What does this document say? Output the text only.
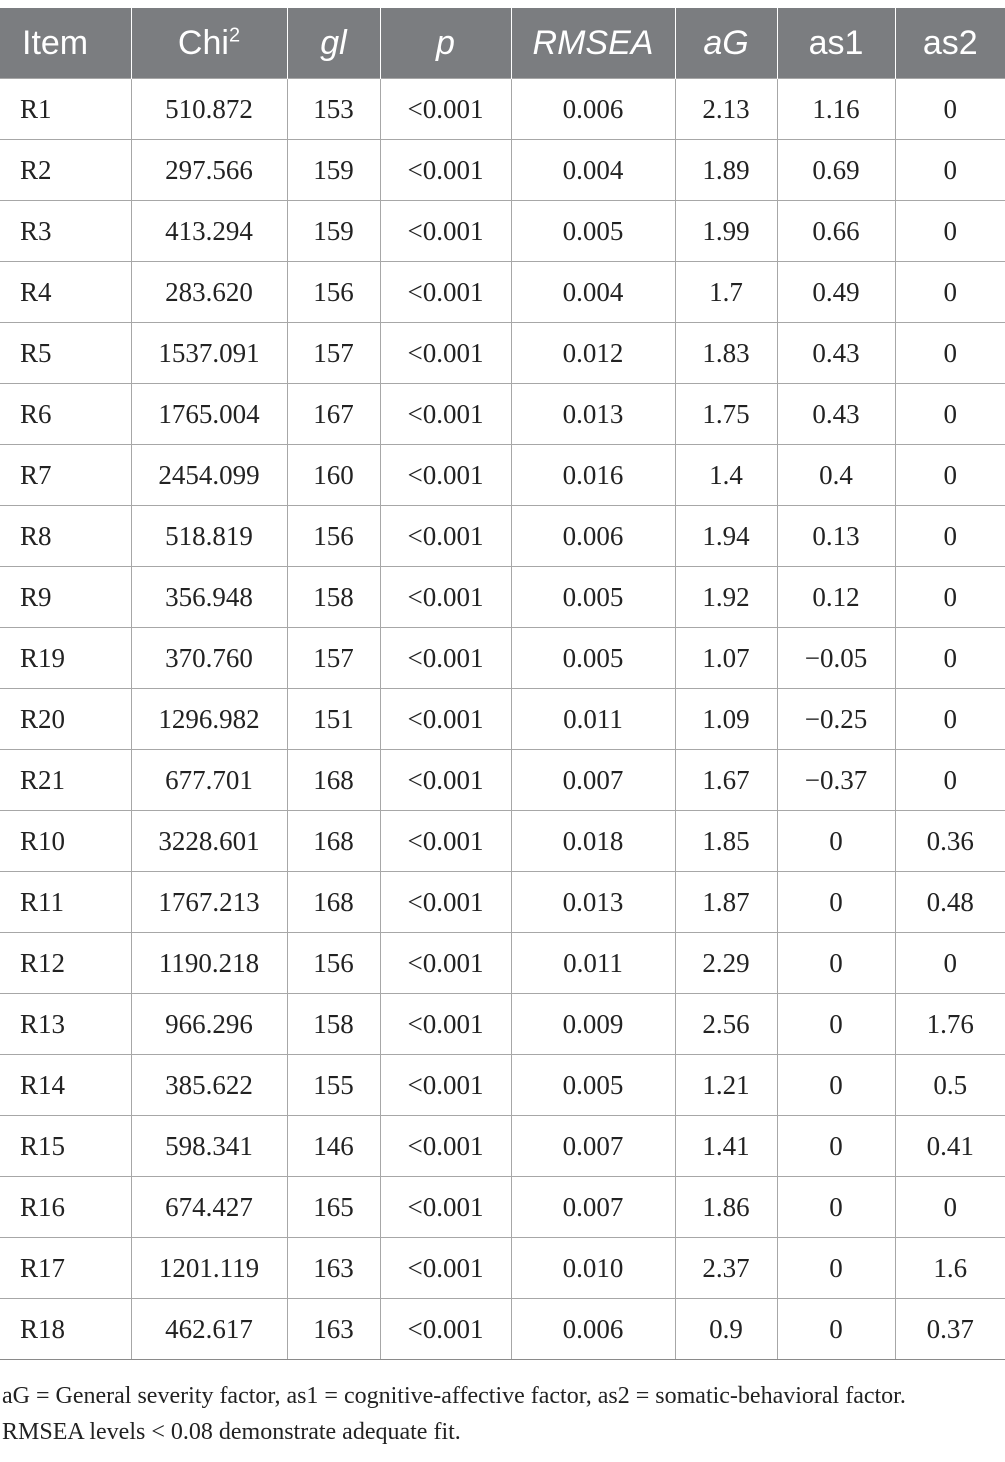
Item	Chi$^2$	gl	p	RMSEA	aG	as1	as2
R1	510.872	153	<0.001	0.006	2.13	1.16	0
R2	297.566	159	<0.001	0.004	1.89	0.69	0
R3	413.294	159	<0.001	0.005	1.99	0.66	0
R4	283.620	156	<0.001	0.004	1.7	0.49	0
R5	1537.091	157	<0.001	0.012	1.83	0.43	0
R6	1765.004	167	<0.001	0.013	1.75	0.43	0
R7	2454.099	160	<0.001	0.016	1.4	0.4	0
R8	518.819	156	<0.001	0.006	1.94	0.13	0
R9	356.948	158	<0.001	0.005	1.92	0.12	0
R19	370.760	157	<0.001	0.005	1.07	−0.05	0
R20	1296.982	151	<0.001	0.011	1.09	−0.25	0
R21	677.701	168	<0.001	0.007	1.67	−0.37	0
R10	3228.601	168	<0.001	0.018	1.85	0	0.36
R11	1767.213	168	<0.001	0.013	1.87	0	0.48
R12	1190.218	156	<0.001	0.011	2.29	0	0
R13	966.296	158	<0.001	0.009	2.56	0	1.76
R14	385.622	155	<0.001	0.005	1.21	0	0.5
R15	598.341	146	<0.001	0.007	1.41	0	0.41
R16	674.427	165	<0.001	0.007	1.86	0	0
R17	1201.119	163	<0.001	0.010	2.37	0	1.6
R18	462.617	163	<0.001	0.006	0.9	0	0.37
aG = General severity factor, as1 = cognitive-affective factor, as2 = somatic-behavioral factor.
RMSEA levels < 0.08 demonstrate adequate fit.
